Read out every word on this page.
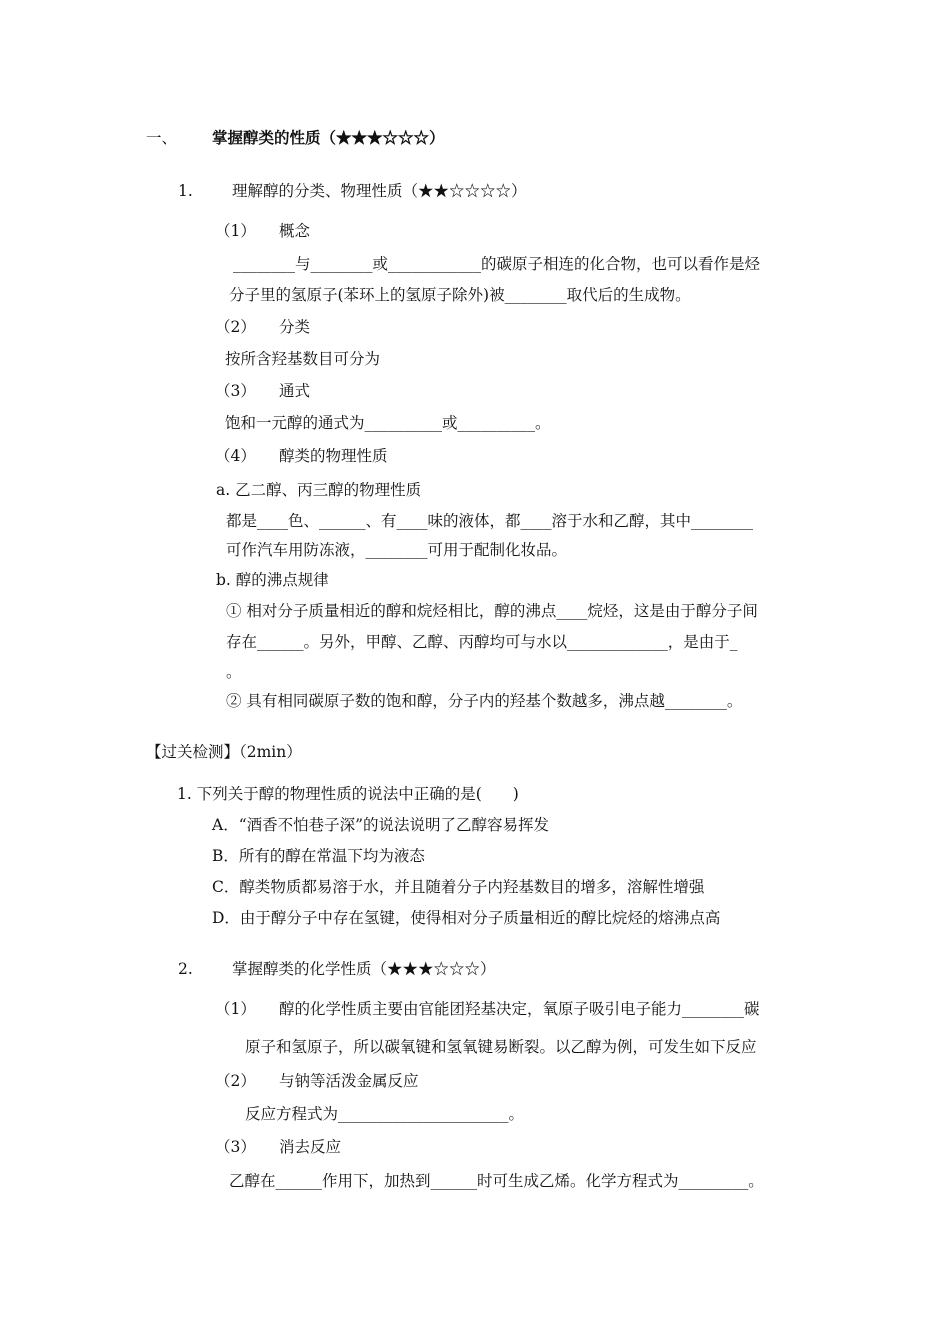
一、 掌握醇类的性质（★★★☆☆☆）
1.	理解醇的分类、物理性质（★★☆☆☆☆）
（1） 概念
________与________或____________的碳原子相连的化合物，也可以看作是烃
分子里的氢原子(苯环上的氢原子除外)被________取代后的生成物。
（2） 分类
按所含羟基数目可分为
（3） 通式
饱和一元醇的通式为__________或__________。
（4） 醇类的物理性质
a. 乙二醇、丙三醇的物理性质
都是____色、______、有____味的液体，都____溶于水和乙醇，其中________
可作汽车用防冻液，________可用于配制化妆品。
b. 醇的沸点规律
① 相对分子质量相近的醇和烷烃相比，醇的沸点____烷烃，这是由于醇分子间
存在______。另外，甲醇、乙醇、丙醇均可与水以_____________，是由于_
。
② 具有相同碳原子数的饱和醇，分子内的羟基个数越多，沸点越________。
【过关检测】（2min）
1. 下列关于醇的物理性质的说法中正确的是(　　)
A．“酒香不怕巷子深”的说法说明了乙醇容易挥发
B．所有的醇在常温下均为液态
C．醇类物质都易溶于水，并且随着分子内羟基数目的增多，溶解性增强
D．由于醇分子中存在氢键，使得相对分子质量相近的醇比烷烃的熔沸点高
2.	掌握醇类的化学性质（★★★☆☆☆）
（1） 醇的化学性质主要由官能团羟基决定，氧原子吸引电子能力________碳
原子和氢原子，所以碳氧键和氢氧键易断裂。以乙醇为例，可发生如下反应
（2） 与钠等活泼金属反应
反应方程式为______________________。
（3） 消去反应
乙醇在______作用下，加热到______时可生成乙烯。化学方程式为_________。
